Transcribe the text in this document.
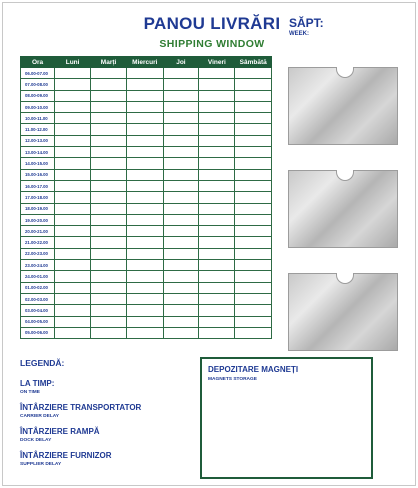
PANOU LIVRĂRI
SHIPPING WINDOW
SĂPT:
WEEK:
Ora	Luni	Marți	Miercuri	Joi	Vineri	Sâmbătă
06.00-07.00						
07.00-08.00						
08.00-09.00						
09.00-10.00						
10.00-11.00						
11.00-12.00						
12.00-13.00						
13.00-14.00						
14.00-15.00						
15.00-16.00						
16.00-17.00						
17.00-18.00						
18.00-19.00						
19.00-20.00						
20.00-21.00						
21.00-22.00						
22.00-23.00						
23.00-24.00						
24.00-01.00						
01.00-02.00						
02.00-03.00						
03.00-04.00						
04.00-05.00						
05.00-06.00						
LEGENDĂ:
LA TIMP:
ON TIME
ÎNTÂRZIERE TRANSPORTATOR
CARRIER DELAY
ÎNTÂRZIERE RAMPĂ
DOCK DELAY
ÎNTÂRZIERE FURNIZOR
SUPPLIER DELAY
DEPOZITARE MAGNEȚI
MAGNETS STORAGE
